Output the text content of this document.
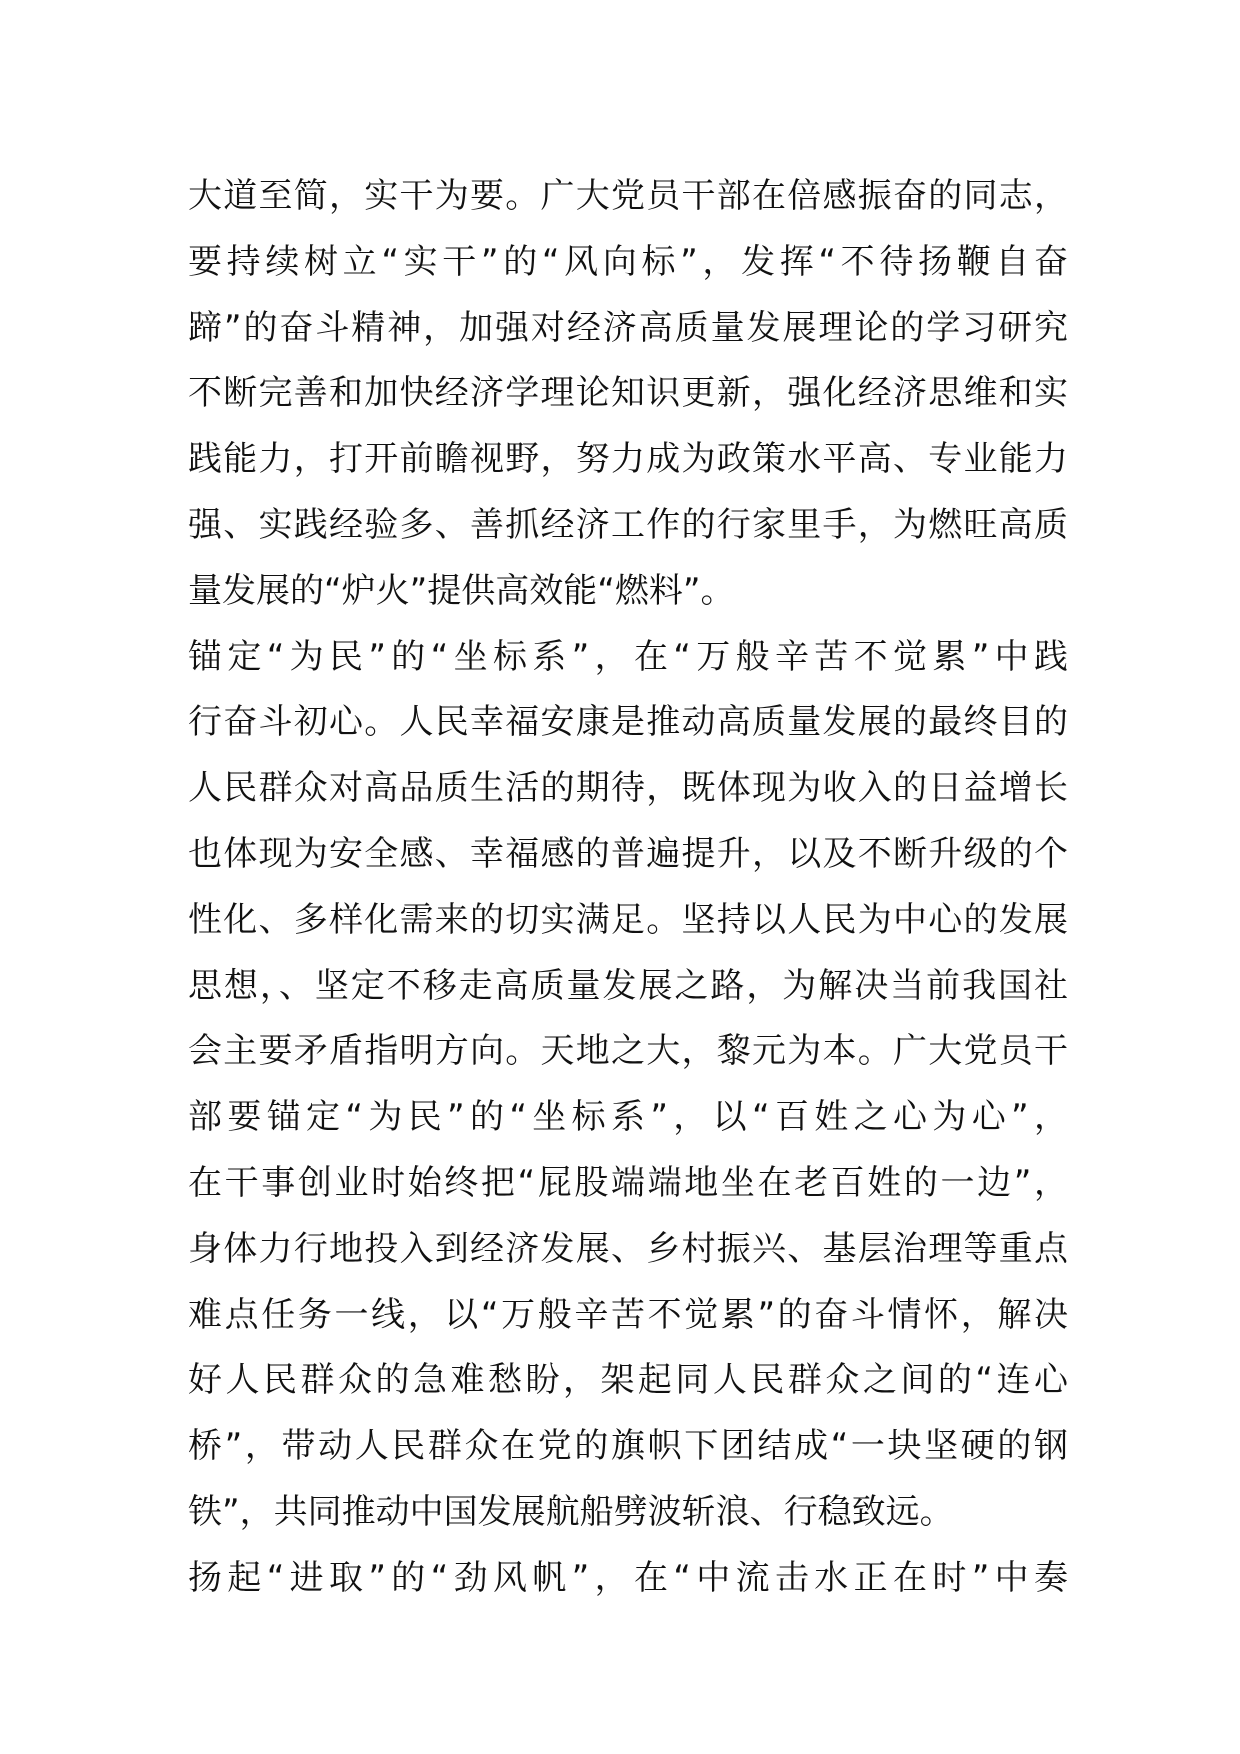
大道至简，实干为要。广大党员干部在倍感振奋的同志，
要持续树立“实干”的“风向标”，发挥“不待扬鞭自奋
蹄”的奋斗精神，加强对经济高质量发展理论的学习研究
不断完善和加快经济学理论知识更新，强化经济思维和实
践能力，打开前瞻视野，努力成为政策水平高、专业能力
强、实践经验多、善抓经济工作的行家里手，为燃旺高质
量发展的“炉火”提供高效能“燃料”。
锚定“为民”的“坐标系”，在“万般辛苦不觉累”中践
行奋斗初心。人民幸福安康是推动高质量发展的最终目的
人民群众对高品质生活的期待，既体现为收入的日益增长
也体现为安全感、幸福感的普遍提升，以及不断升级的个
性化、多样化需来的切实满足。坚持以人民为中心的发展
思想，、坚定不移走高质量发展之路，为解决当前我国社
会主要矛盾指明方向。天地之大，黎元为本。广大党员干
部要锚定“为民”的“坐标系”，以“百姓之心为心”，
在干事创业时始终把“屁股端端地坐在老百姓的一边”，
身体力行地投入到经济发展、乡村振兴、基层治理等重点
难点任务一线，以“万般辛苦不觉累”的奋斗情怀，解决
好人民群众的急难愁盼，架起同人民群众之间的“连心
桥”，带动人民群众在党的旗帜下团结成“一块坚硬的钢
铁”，共同推动中国发展航船劈波斩浪、行稳致远。
扬起“进取”的“劲风帆”，在“中流击水正在时”中奏
